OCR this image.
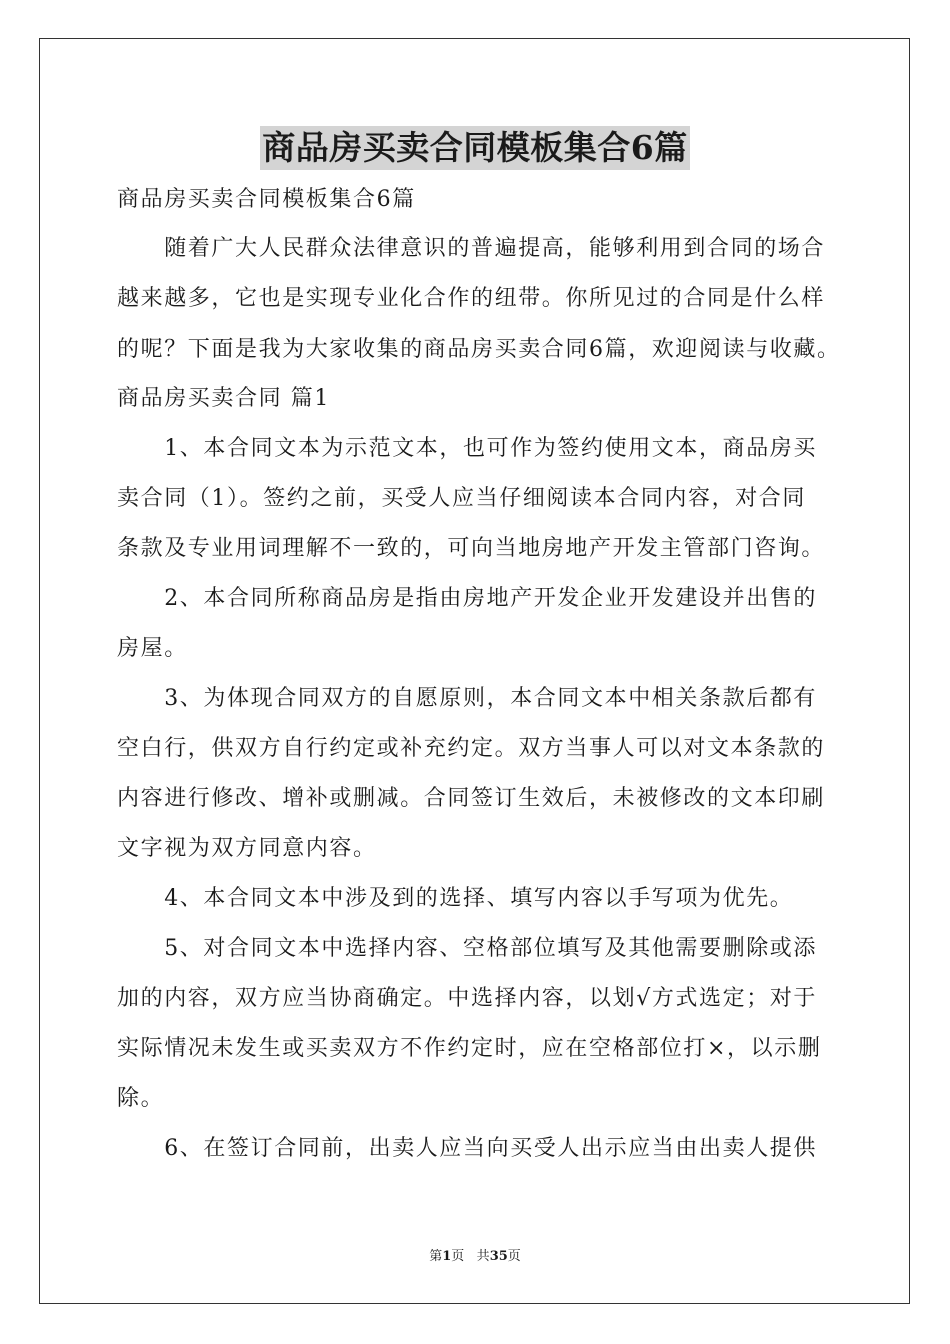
商品房买卖合同模板集合6篇
商品房买卖合同模板集合6篇
　　随着广大人民群众法律意识的普遍提高，能够利用到合同的场合
越来越多，它也是实现专业化合作的纽带。你所见过的合同是什么样
的呢？下面是我为大家收集的商品房买卖合同6篇，欢迎阅读与收藏。
商品房买卖合同 篇1
　　1、本合同文本为示范文本，也可作为签约使用文本，商品房买
卖合同（1）。签约之前，买受人应当仔细阅读本合同内容，对合同
条款及专业用词理解不一致的，可向当地房地产开发主管部门咨询。
　　2、本合同所称商品房是指由房地产开发企业开发建设并出售的
房屋。
　　3、为体现合同双方的自愿原则，本合同文本中相关条款后都有
空白行，供双方自行约定或补充约定。双方当事人可以对文本条款的
内容进行修改、增补或删减。合同签订生效后，未被修改的文本印刷
文字视为双方同意内容。
　　4、本合同文本中涉及到的选择、填写内容以手写项为优先。
　　5、对合同文本中选择内容、空格部位填写及其他需要删除或添
加的内容，双方应当协商确定。中选择内容，以划√方式选定；对于
实际情况未发生或买卖双方不作约定时，应在空格部位打×，以示删
除。
　　6、在签订合同前，出卖人应当向买受人出示应当由出卖人提供
第1页 共35页
